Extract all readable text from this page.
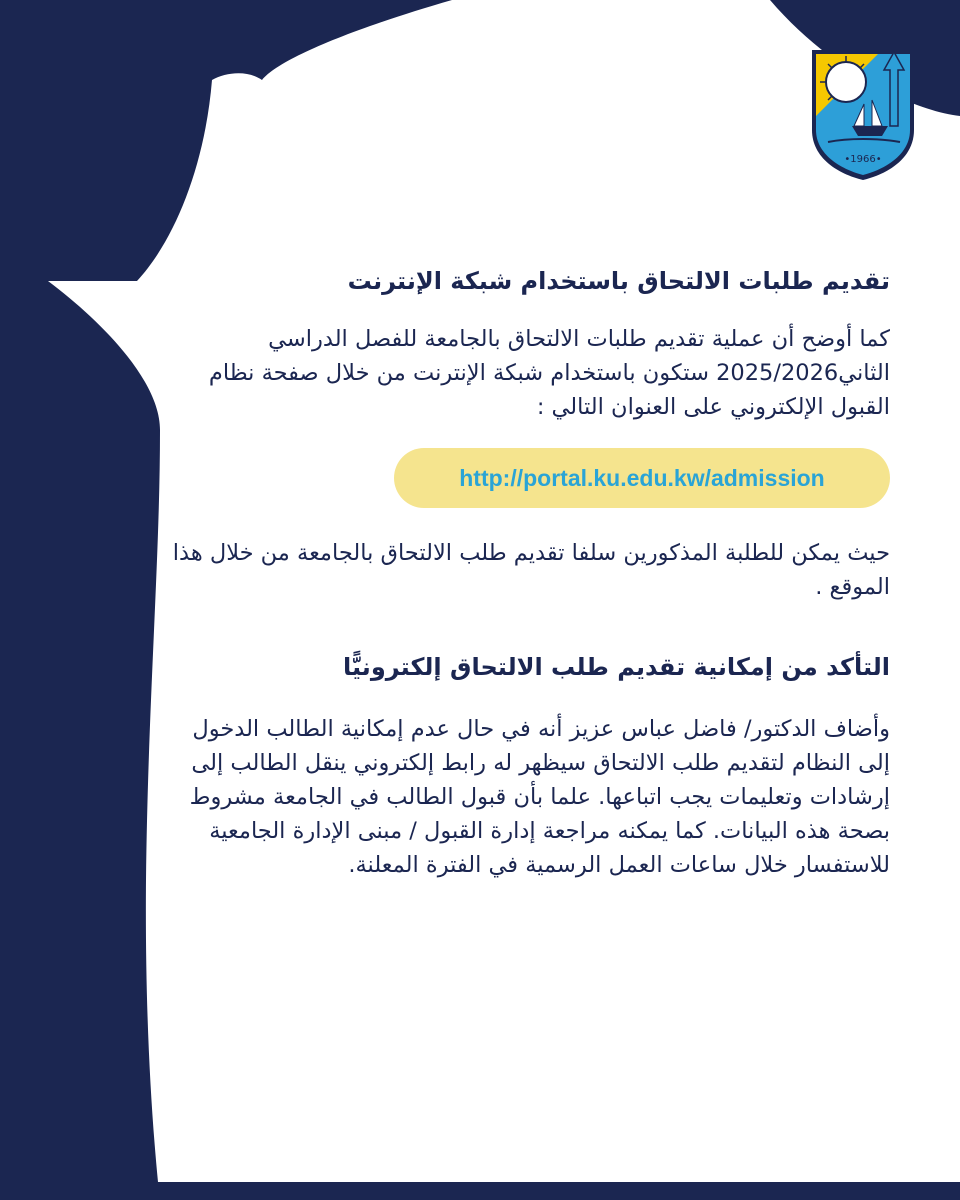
•1966•
تقديم طلبات الالتحاق باستخدام شبكة الإنترنت

كما أوضح أن عملية تقديم طلبات الالتحاق بالجامعة للفصل الدراسي الثاني2025/2026 ستكون باستخدام شبكة الإنترنت من خلال صفحة نظام القبول الإلكتروني على العنوان التالي :

http://portal.ku.edu.kw/admission

حيث يمكن للطلبة المذكورين سلفا تقديم طلب الالتحاق بالجامعة من خلال هذا الموقع .

التأكد من إمكانية تقديم طلب الالتحاق إلكترونيًّا

وأضاف الدكتور/ فاضل عباس عزيز أنه في حال عدم إمكانية الطالب الدخول إلى النظام لتقديم طلب الالتحاق سيظهر له رابط إلكتروني ينقل الطالب إلى إرشادات وتعليمات يجب اتباعها. علما بأن قبول الطالب في الجامعة مشروط بصحة هذه البيانات. كما يمكنه مراجعة إدارة القبول / مبنى الإدارة الجامعية للاستفسار خلال ساعات العمل الرسمية في الفترة المعلنة.
